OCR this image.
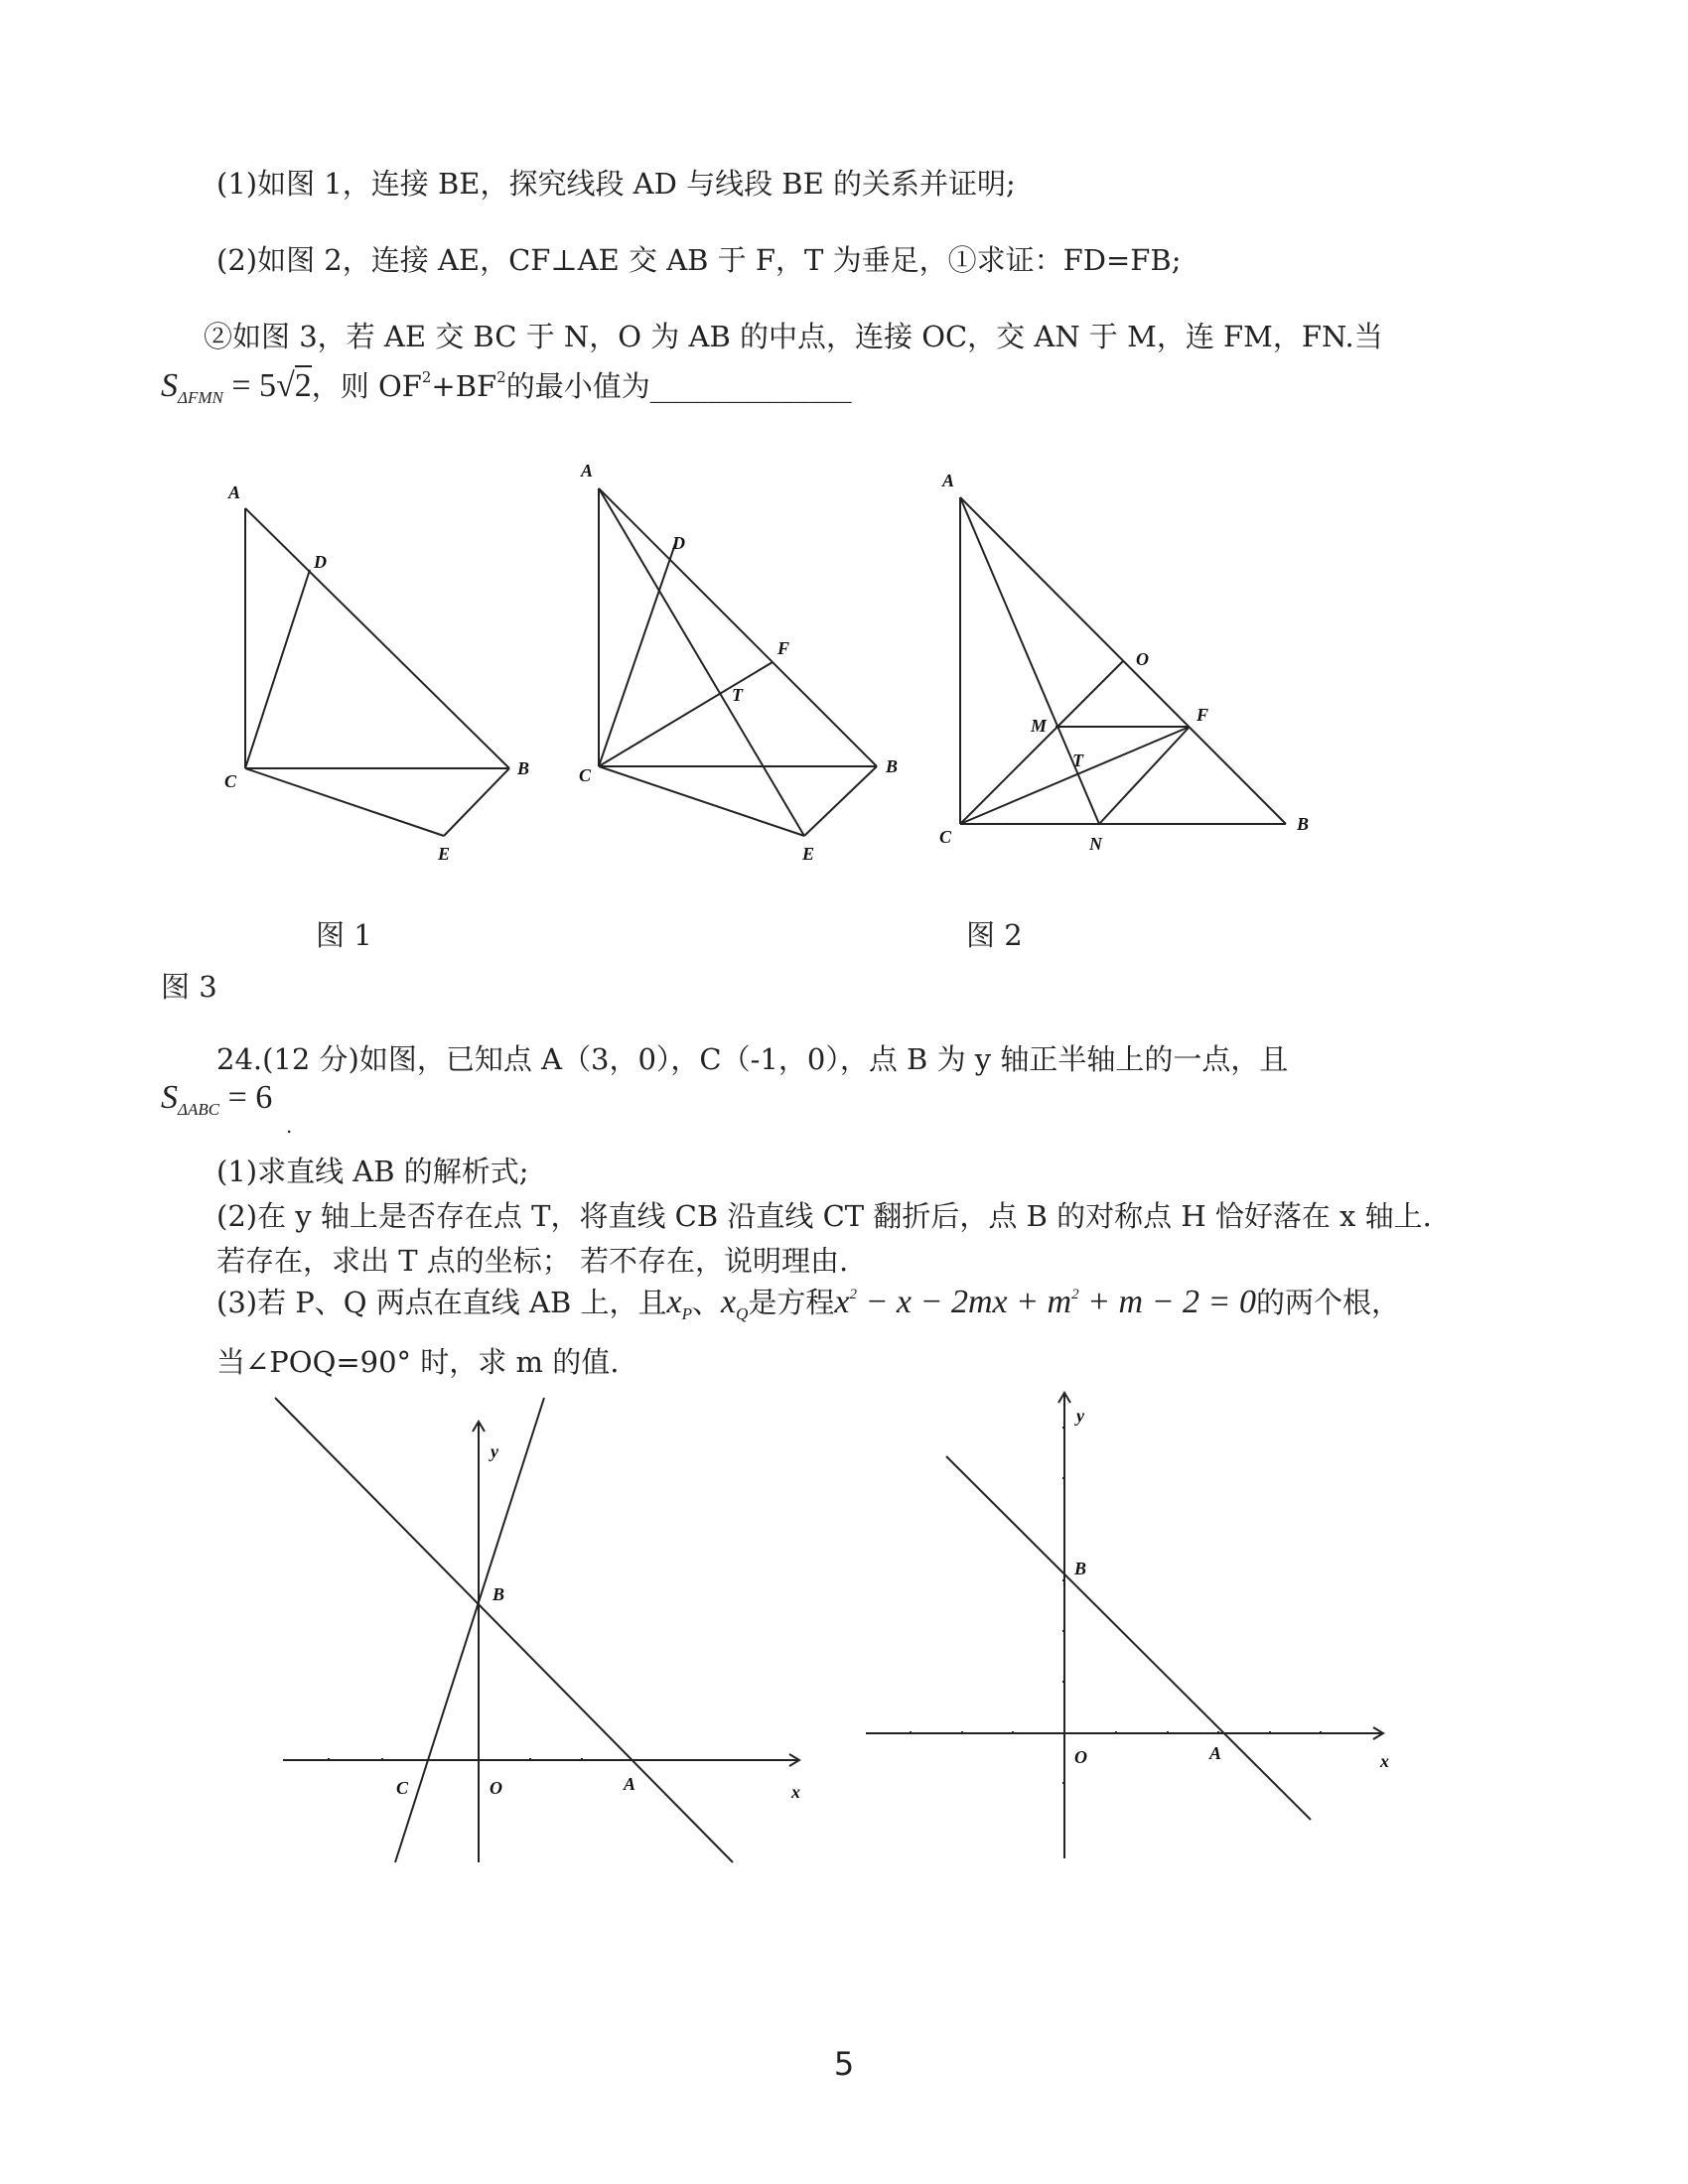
(1)如图 1，连接 BE，探究线段 AD 与线段 BE 的关系并证明;
(2)如图 2，连接 AE，CF⊥AE 交 AB 于 F，T 为垂足，①求证：FD=FB;
②如图 3，若 AE 交 BC 于 N，O 为 AB 的中点，连接 OC，交 AN 于 M，连 FM，FN.当
$S_{\Delta FMN} = 5√2$，则 $OF^2+BF^2$的最小值为______________
A
D
C
B
E
A
D
F
T
C	B
E
A
O
M
F
T
C	N
B
图 1	图 2
图 3
24.(12 分)如图，已知点 A（3，0），C（-1，0），点 B 为 y 轴正半轴上的一点，且
$S_{\Delta ABC} = 6$
.
(1)求直线 AB 的解析式;
(2)在 y 轴上是否存在点 T，将直线 CB 沿直线 CT 翻折后，点 B 的对称点 H 恰好落在 x 轴上.
若存在，求出 T 点的坐标； 若不存在，说明理由.
(3)若 P、Q 两点在直线 AB 上，且$x_P$、$x_Q$是方程$x^2 - x - 2mx + m^2 + m - 2 = 0$的两个根，
当∠POQ=90° 时，求 m 的值.
y
B
C	O	A	x
y
B
O	A	x
5
